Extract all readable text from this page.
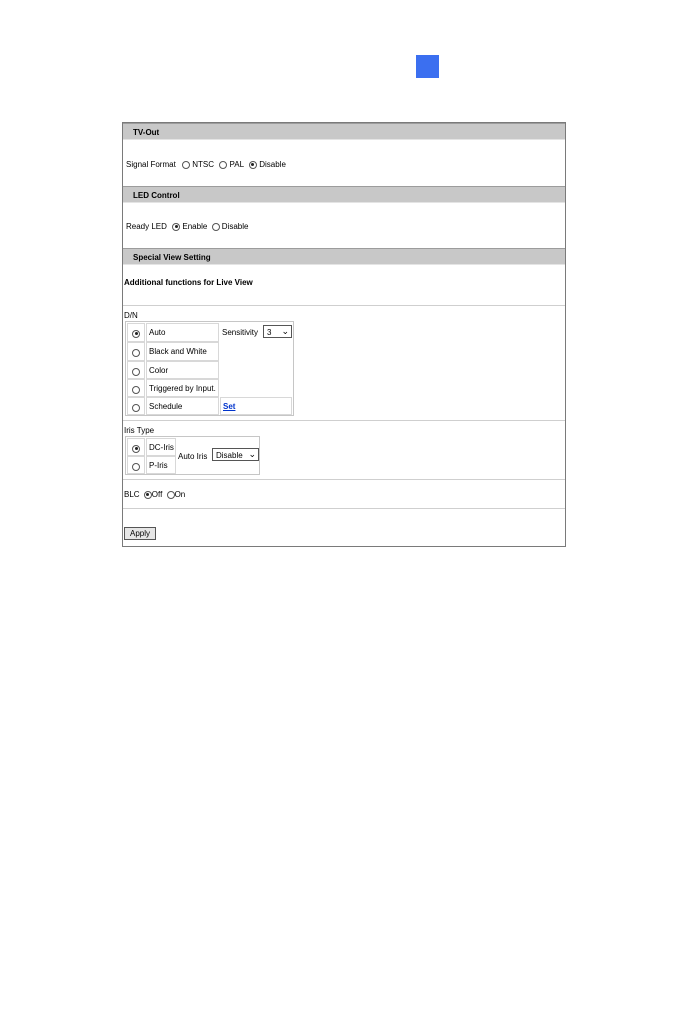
TV-Out
Signal Format NTSC PAL Disable
LED Control
Ready LED Enable Disable
Special View Setting
Additional functions for Live View
D/N
Auto	Sensitivity 3 ⌄
Black and White
Color
Triggered by Input.
Schedule	Set
Iris Type
DC-Iris
P-Iris
Auto Iris Disable ⌄
BLC Off On
Apply
